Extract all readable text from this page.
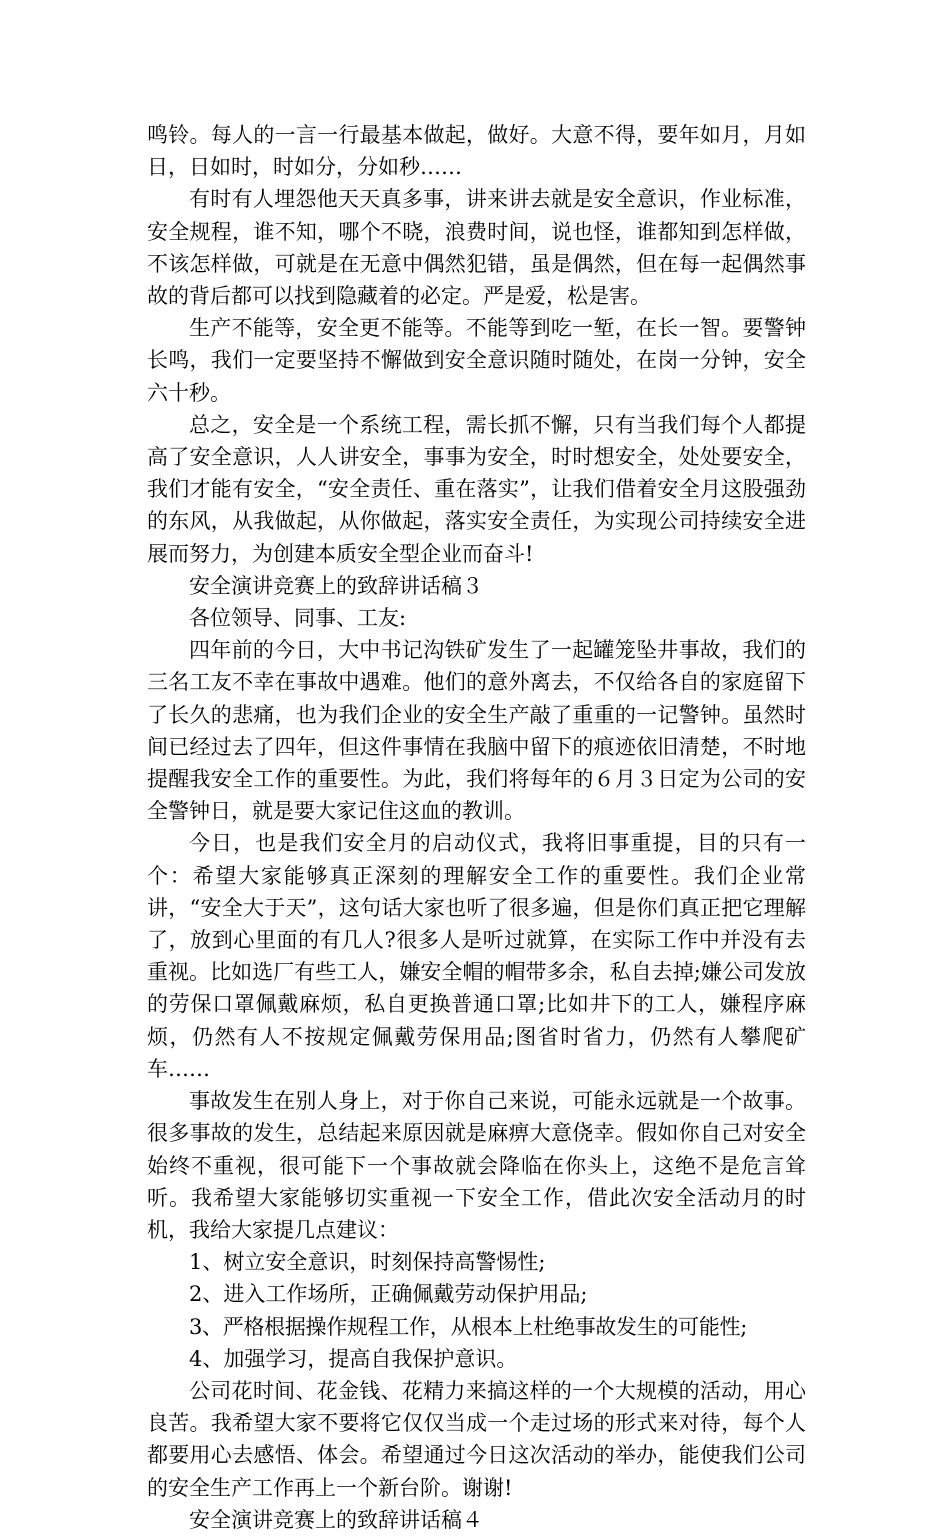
鸣铃。每人的一言一行最基本做起，做好。大意不得，要年如月，月如日，日如时，时如分，分如秒……

有时有人埋怨他天天真多事，讲来讲去就是安全意识，作业标准，安全规程，谁不知，哪个不晓，浪费时间，说也怪，谁都知到怎样做，不该怎样做，可就是在无意中偶然犯错，虽是偶然，但在每一起偶然事故的背后都可以找到隐藏着的必定。严是爱，松是害。

生产不能等，安全更不能等。不能等到吃一堑，在长一智。要警钟长鸣，我们一定要坚持不懈做到安全意识随时随处，在岗一分钟，安全六十秒。

总之，安全是一个系统工程，需长抓不懈，只有当我们每个人都提高了安全意识，人人讲安全，事事为安全，时时想安全，处处要安全，我们才能有安全，“安全责任、重在落实”，让我们借着安全月这股强劲的东风，从我做起，从你做起，落实安全责任，为实现公司持续安全进展而努力，为创建本质安全型企业而奋斗!

安全演讲竞赛上的致辞讲话稿３

各位领导、同事、工友:

四年前的今日，大中书记沟铁矿发生了一起罐笼坠井事故，我们的三名工友不幸在事故中遇难。他们的意外离去，不仅给各自的家庭留下了长久的悲痛，也为我们企业的安全生产敲了重重的一记警钟。虽然时间已经过去了四年，但这件事情在我脑中留下的痕迹依旧清楚，不时地提醒我安全工作的重要性。为此，我们将每年的６月３日定为公司的安全警钟日，就是要大家记住这血的教训。

今日，也是我们安全月的启动仪式，我将旧事重提，目的只有一个：希望大家能够真正深刻的理解安全工作的重要性。我们企业常讲，“安全大于天”，这句话大家也听了很多遍，但是你们真正把它理解了，放到心里面的有几人?很多人是听过就算，在实际工作中并没有去重视。比如选厂有些工人，嫌安全帽的帽带多余，私自去掉;嫌公司发放的劳保口罩佩戴麻烦，私自更换普通口罩;比如井下的工人，嫌程序麻烦，仍然有人不按规定佩戴劳保用品;图省时省力，仍然有人攀爬矿车……

事故发生在别人身上，对于你自己来说，可能永远就是一个故事。很多事故的发生，总结起来原因就是麻痹大意侥幸。假如你自己对安全始终不重视，很可能下一个事故就会降临在你头上，这绝不是危言耸听。我希望大家能够切实重视一下安全工作，借此次安全活动月的时机，我给大家提几点建议：

1、树立安全意识，时刻保持高警惕性;

2、进入工作场所，正确佩戴劳动保护用品;

3、严格根据操作规程工作，从根本上杜绝事故发生的可能性;

4、加强学习，提高自我保护意识。

公司花时间、花金钱、花精力来搞这样的一个大规模的活动，用心良苦。我希望大家不要将它仅仅当成一个走过场的形式来对待，每个人都要用心去感悟、体会。希望通过今日这次活动的举办，能使我们公司的安全生产工作再上一个新台阶。谢谢!

安全演讲竞赛上的致辞讲话稿４
